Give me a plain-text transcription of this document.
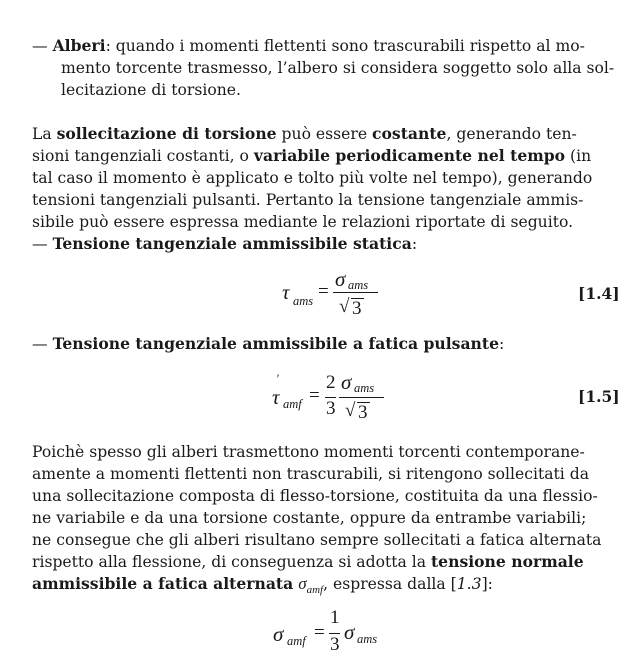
— Alberi: quando i momenti flettenti sono trascurabili rispetto al mo-
mento torcente trasmesso, l’albero si considera soggetto solo alla sol-
lecitazione di torsione.
La sollecitazione di torsione può essere costante, generando ten-
sioni tangenziali costanti, o variabile periodicamente nel tempo (in
tal caso il momento è applicato e tolto più volte nel tempo), generando
tensioni tangenziali pulsanti. Pertanto la tensione tangenziale ammis-
sibile può essere espressa mediante le relazioni riportate di seguito.
— Tensione tangenziale ammissibile statica:
τ ams =
σ ams
√ 3
[1.4]
— Tensione tangenziale ammissibile a fatica pulsante:
τ
'
amf =
2
3
σ ams
√ 3
[1.5]
Poichè spesso gli alberi trasmettono momenti torcenti contemporane-
amente a momenti flettenti non trascurabili, si ritengono sollecitati da
una sollecitazione composta di flesso-torsione, costituita da una flessio-
ne variabile e da una torsione costante, oppure da entrambe variabili;
ne consegue che gli alberi risultano sempre sollecitati a fatica alternata
rispetto alla flessione, di conseguenza si adotta la tensione normale
ammissibile a fatica alternata $\sigma_{amf}$, espressa dalla [1.3]:
σ amf =
1
3
σ ams
